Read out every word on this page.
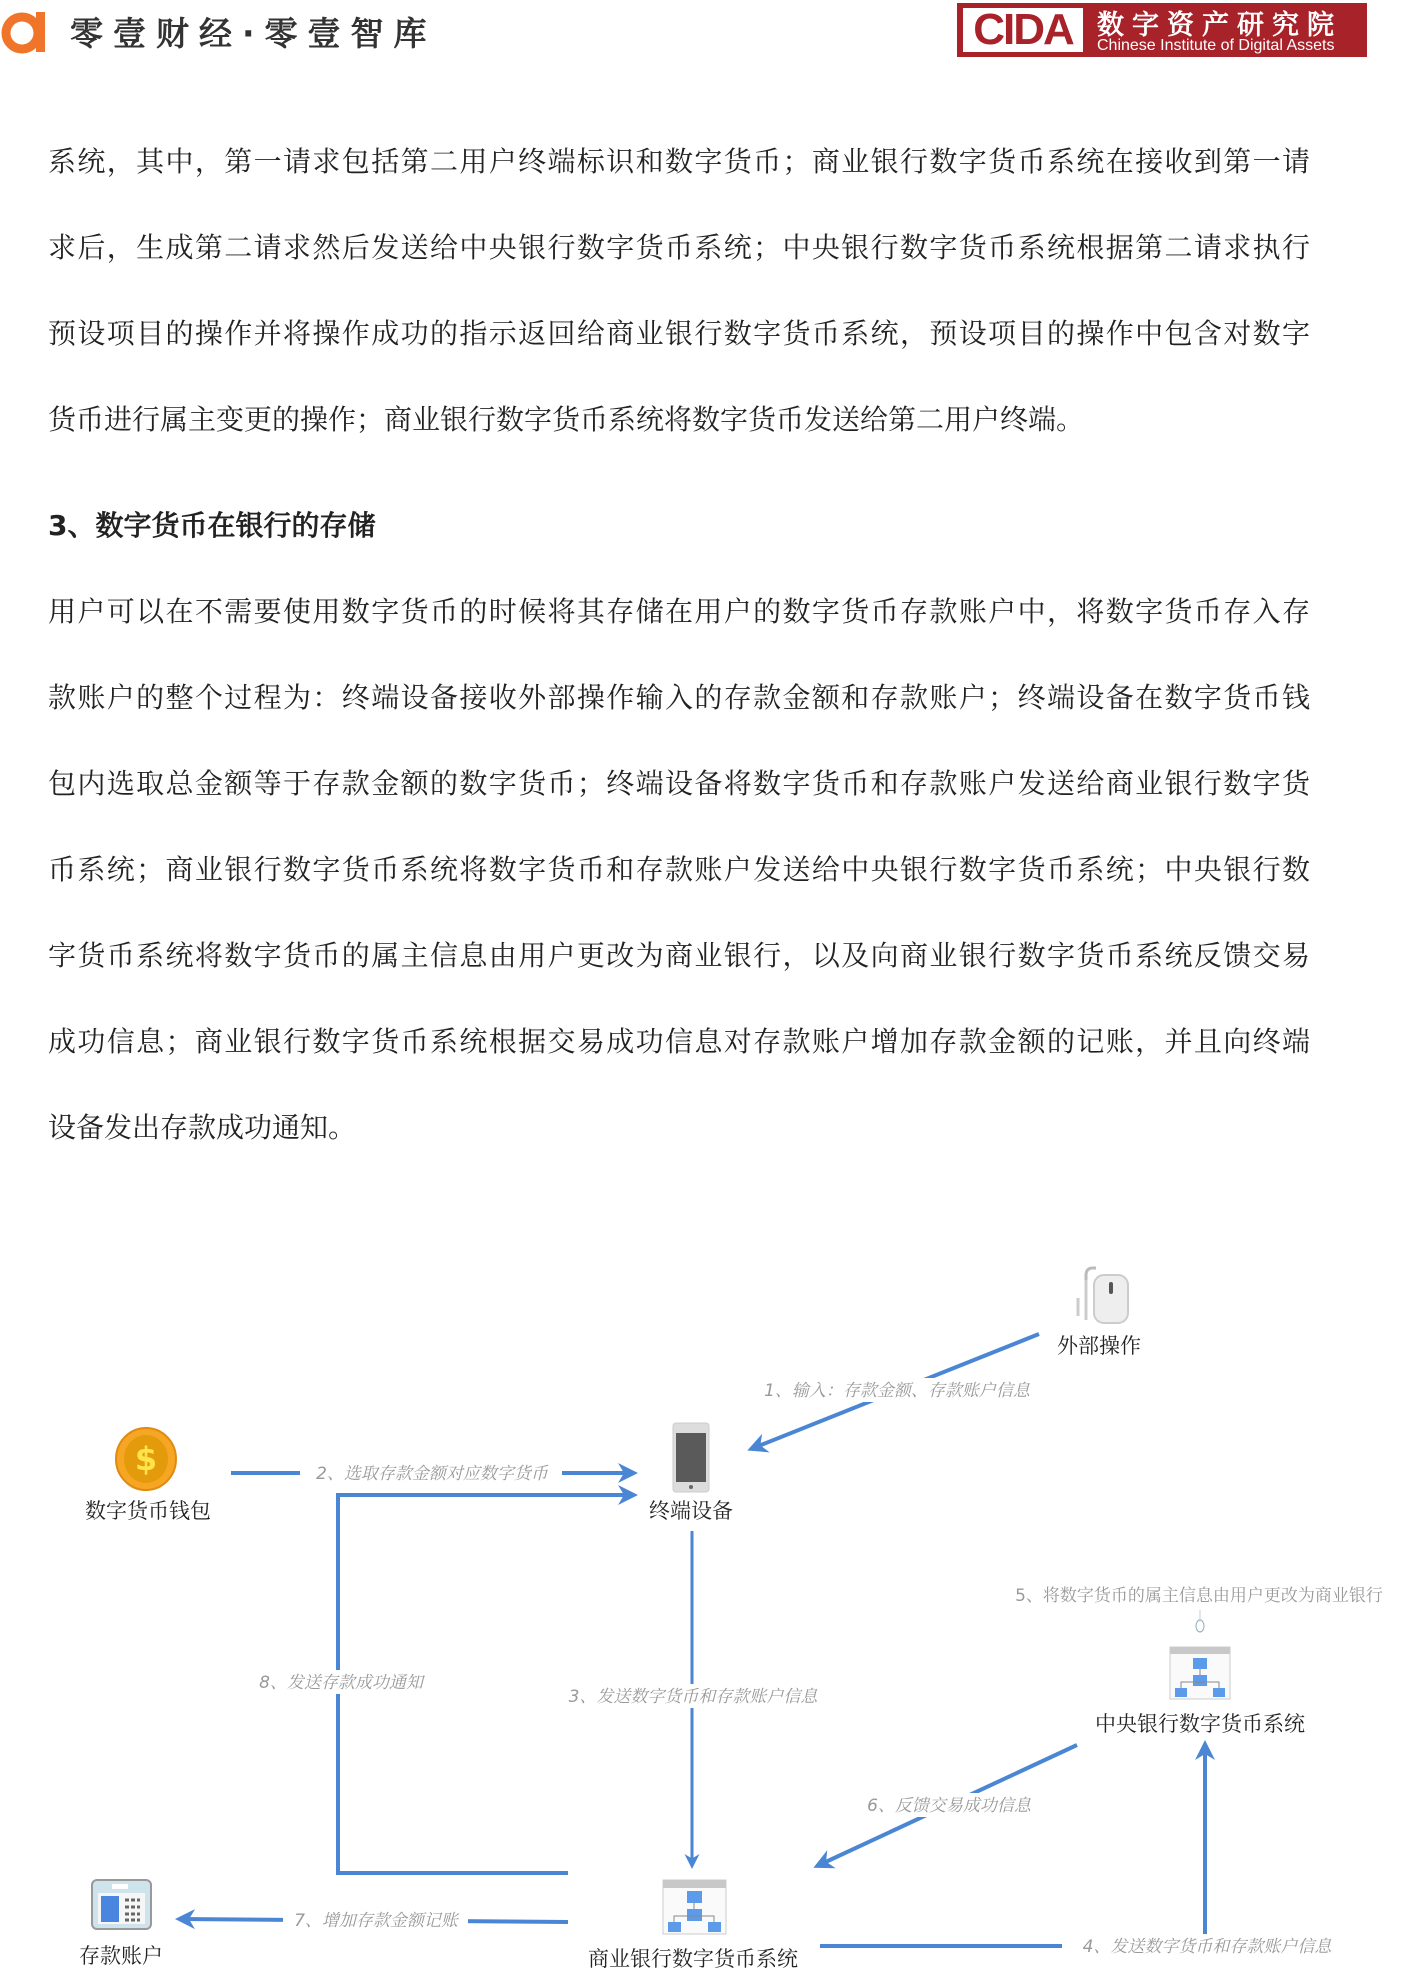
零壹财经·零壹智库	CIDA 数字资产研究院
Chinese Institute of Digital Assets
系统，其中，第一请求包括第二用户终端标识和数字货币；商业银行数字货币系统在接收到第一请
求后，生成第二请求然后发送给中央银行数字货币系统；中央银行数字货币系统根据第二请求执行
预设项目的操作并将操作成功的指示返回给商业银行数字货币系统，预设项目的操作中包含对数字
货币进行属主变更的操作；商业银行数字货币系统将数字货币发送给第二用户终端。
3、数字货币在银行的存储
用户可以在不需要使用数字货币的时候将其存储在用户的数字货币存款账户中，将数字货币存入存
款账户的整个过程为：终端设备接收外部操作输入的存款金额和存款账户；终端设备在数字货币钱
包内选取总金额等于存款金额的数字货币；终端设备将数字货币和存款账户发送给商业银行数字货
币系统；商业银行数字货币系统将数字货币和存款账户发送给中央银行数字货币系统；中央银行数
字货币系统将数字货币的属主信息由用户更改为商业银行，以及向商业银行数字货币系统反馈交易
成功信息；商业银行数字货币系统根据交易成功信息对存款账户增加存款金额的记账，并且向终端
设备发出存款成功通知。
$
外部操作
终端设备
数字货币钱包
中央银行数字货币系统
商业银行数字货币系统
存款账户
1、输入：存款金额、存款账户信息
2、选取存款金额对应数字货币
8、发送存款成功通知
3、发送数字货币和存款账户信息
4、发送数字货币和存款账户信息
5、将数字货币的属主信息由用户更改为商业银行
6、反馈交易成功信息
7、增加存款金额记账
